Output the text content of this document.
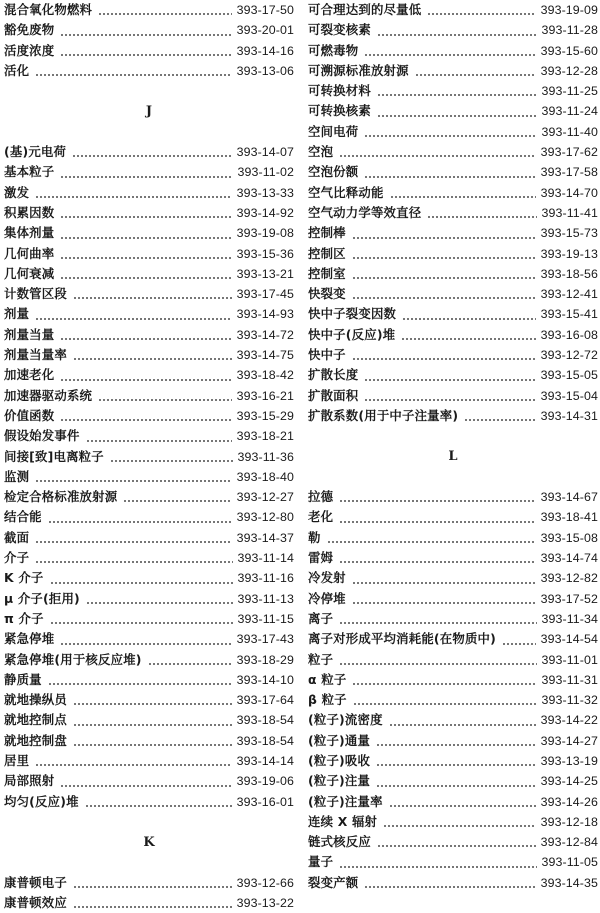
混合氧化物燃料	393-17-50
豁免废物	393-20-01
活度浓度	393-14-16
活化	393-13-06
J
(基)元电荷	393-14-07
基本粒子	393-11-02
激发	393-13-33
积累因数	393-14-92
集体剂量	393-19-08
几何曲率	393-15-36
几何衰减	393-13-21
计数管区段	393-17-45
剂量	393-14-93
剂量当量	393-14-72
剂量当量率	393-14-75
加速老化	393-18-42
加速器驱动系统	393-16-21
价值函数	393-15-29
假设始发事件	393-18-21
间接[致]电离粒子	393-11-36
监测	393-18-40
检定合格标准放射源	393-12-27
结合能	393-12-80
截面	393-14-37
介子	393-11-14
K 介子	393-11-16
μ 介子(拒用)	393-11-13
π 介子	393-11-15
紧急停堆	393-17-43
紧急停堆(用于核反应堆)	393-18-29
静质量	393-14-10
就地操纵员	393-17-64
就地控制点	393-18-54
就地控制盘	393-18-54
居里	393-14-14
局部照射	393-19-06
均匀(反应)堆	393-16-01
K
康普顿电子	393-12-66
康普顿效应	393-13-22
可合理达到的尽量低	393-19-09
可裂变核素	393-11-28
可燃毒物	393-15-60
可溯源标准放射源	393-12-28
可转换材料	393-11-25
可转换核素	393-11-24
空间电荷	393-11-40
空泡	393-17-62
空泡份额	393-17-58
空气比释动能	393-14-70
空气动力学等效直径	393-11-41
控制棒	393-15-73
控制区	393-19-13
控制室	393-18-56
快裂变	393-12-41
快中子裂变因数	393-15-41
快中子(反应)堆	393-16-08
快中子	393-12-72
扩散长度	393-15-05
扩散面积	393-15-04
扩散系数(用于中子注量率)	393-14-31
L
拉德	393-14-67
老化	393-18-41
勒	393-15-08
雷姆	393-14-74
冷发射	393-12-82
冷停堆	393-17-52
离子	393-11-34
离子对形成平均消耗能(在物质中)	393-14-54
粒子	393-11-01
α 粒子	393-11-31
β 粒子	393-11-32
(粒子)流密度	393-14-22
(粒子)通量	393-14-27
(粒子)吸收	393-13-19
(粒子)注量	393-14-25
(粒子)注量率	393-14-26
连续 X 辐射	393-12-18
链式核反应	393-12-84
量子	393-11-05
裂变产额	393-14-35
